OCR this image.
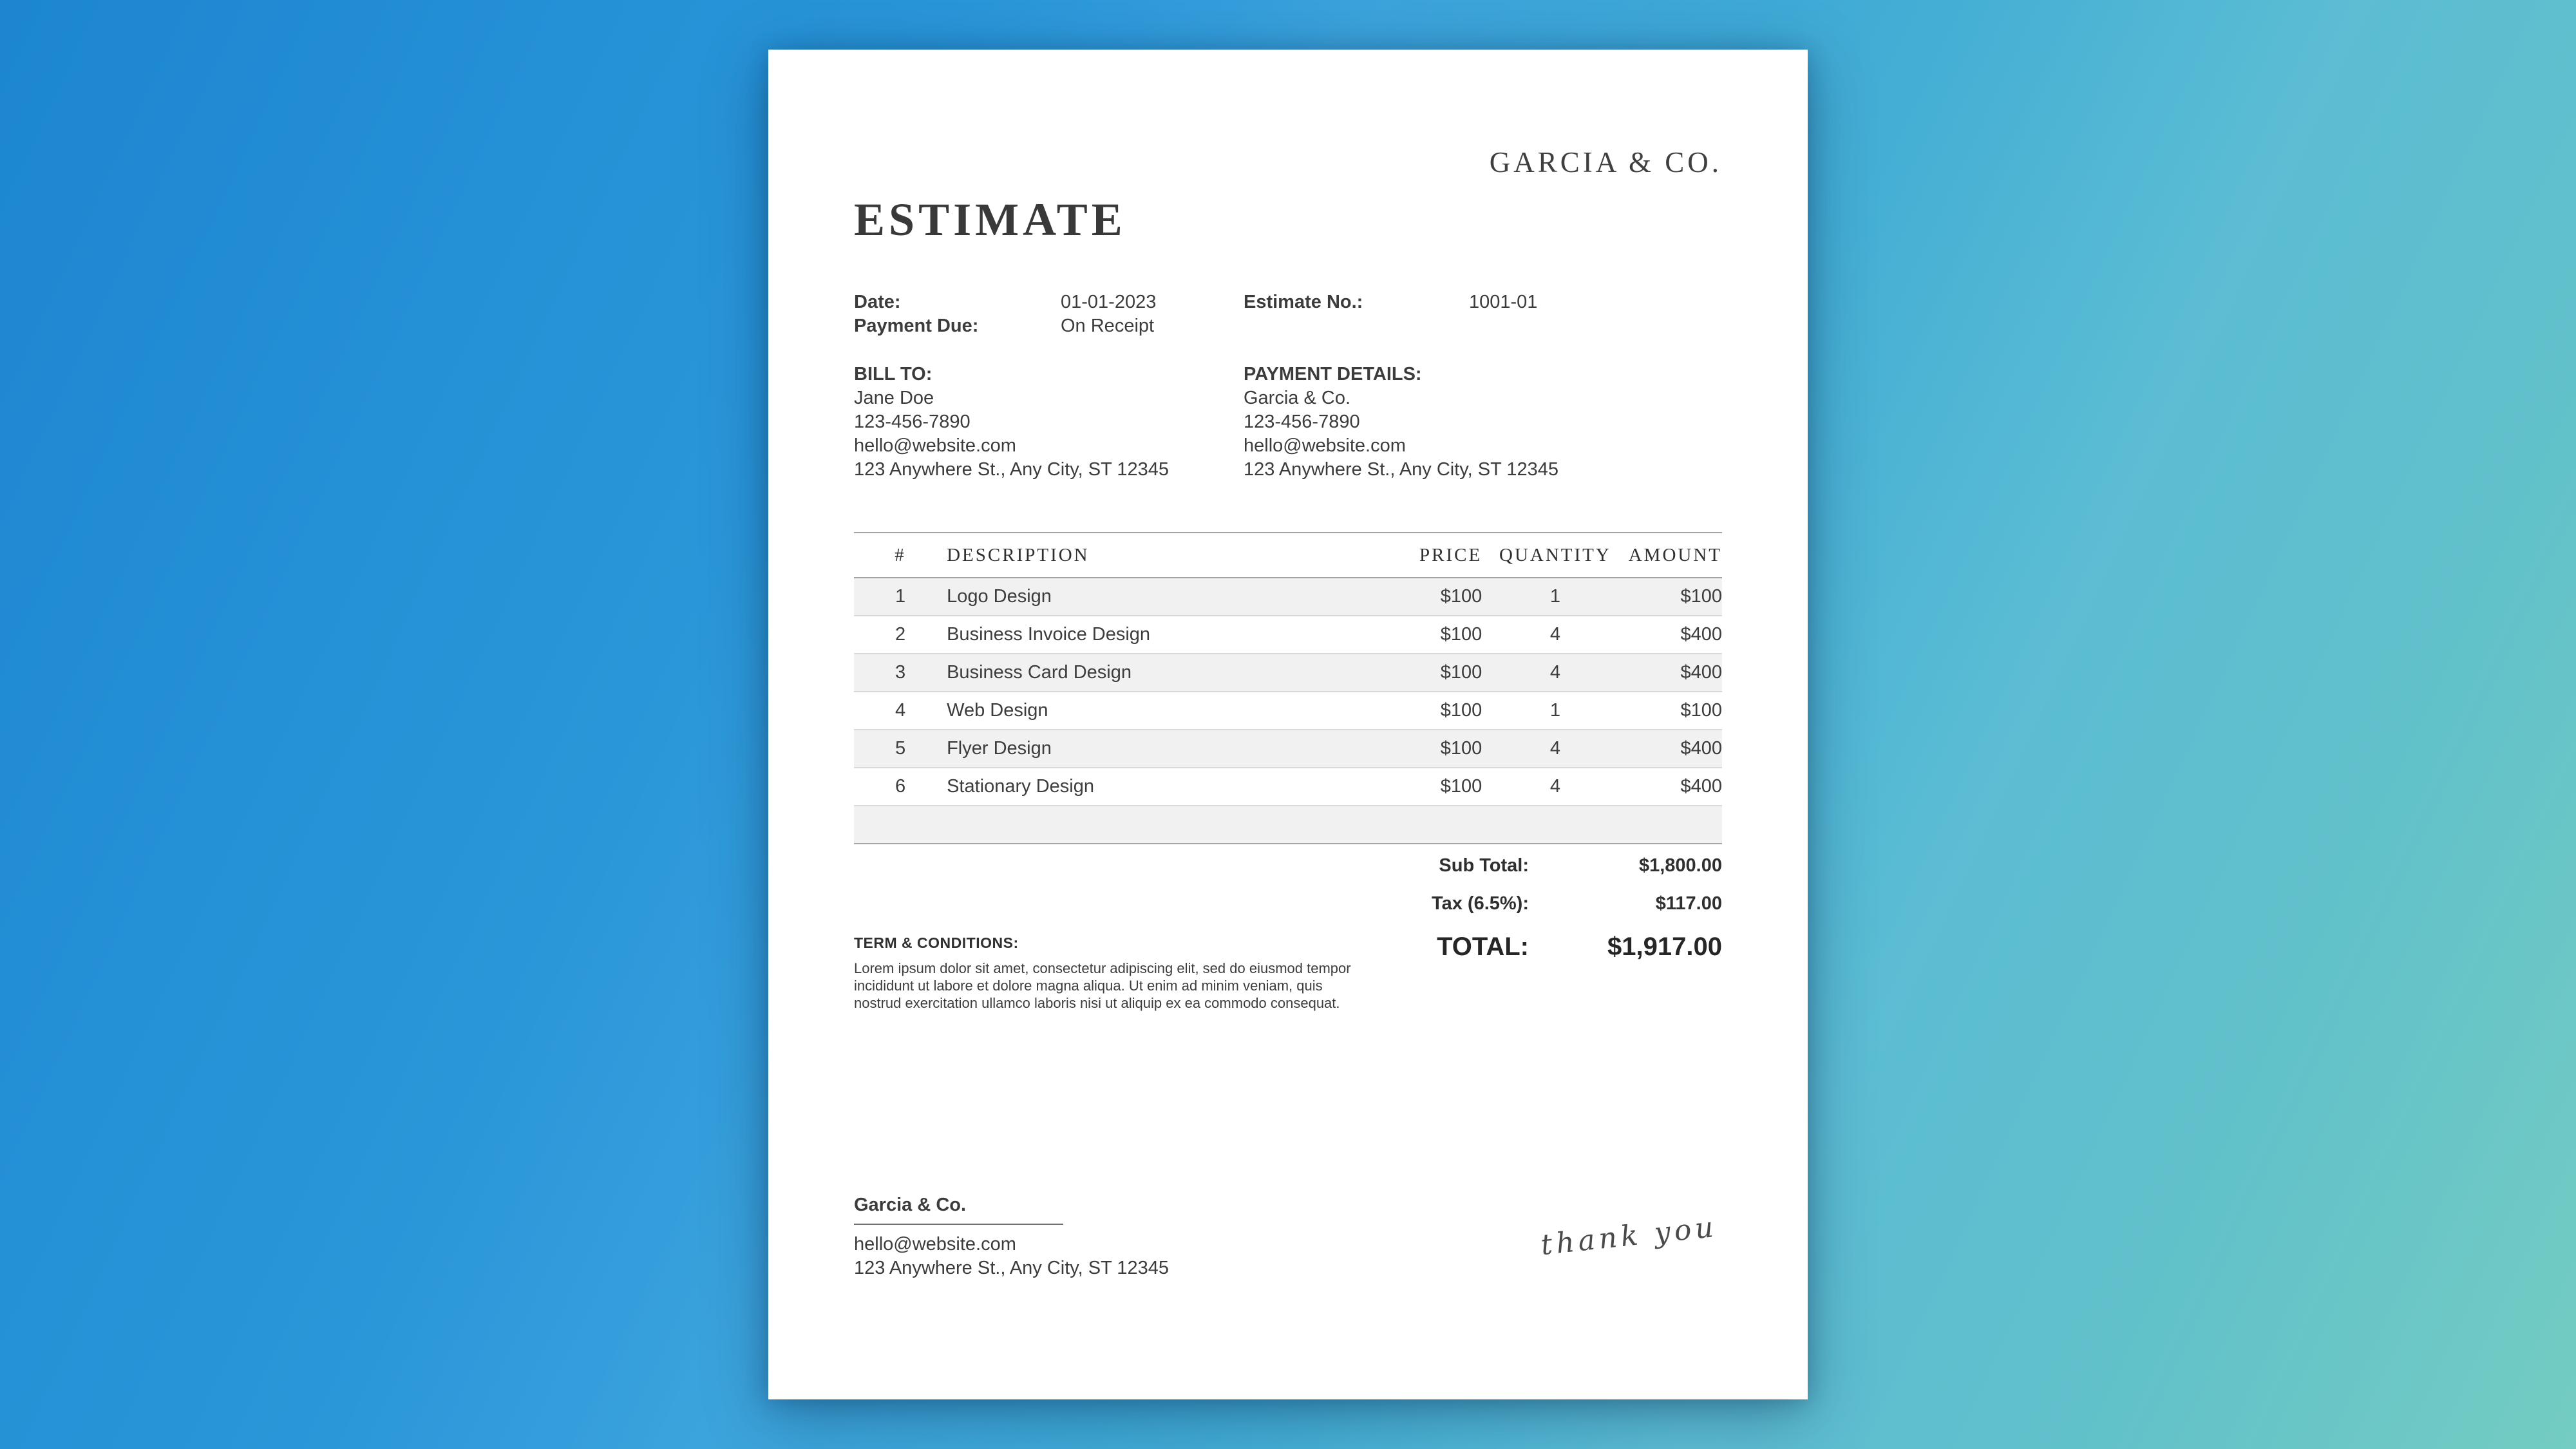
GARCIA & CO.
ESTIMATE
Date:	01-01-2023
Payment Due:	On Receipt
Estimate No.:	1001-01
BILL TO:
Jane Doe
123-456-7890
hello@website.com
123 Anywhere St., Any City, ST 12345
PAYMENT DETAILS:
Garcia & Co.
123-456-7890
hello@website.com
123 Anywhere St., Any City, ST 12345
#	DESCRIPTION	PRICE	QUANTITY	AMOUNT
1	Logo Design	$100	1	$100
2	Business Invoice Design	$100	4	$400
3	Business Card Design	$100	4	$400
4	Web Design	$100	1	$100
5	Flyer Design	$100	4	$400
6	Stationary Design	$100	4	$400

TERM & CONDITIONS:
Lorem ipsum dolor sit amet, consectetur adipiscing elit, sed do eiusmod tempor incididunt ut labore et dolore magna aliqua. Ut enim ad minim veniam, quis nostrud exercitation ullamco laboris nisi ut aliquip ex ea commodo consequat.
Sub Total:	$1,800.00
Tax (6.5%):	$117.00
TOTAL:	$1,917.00
Garcia & Co.
hello@website.com
123 Anywhere St., Any City, ST 12345
thank you
